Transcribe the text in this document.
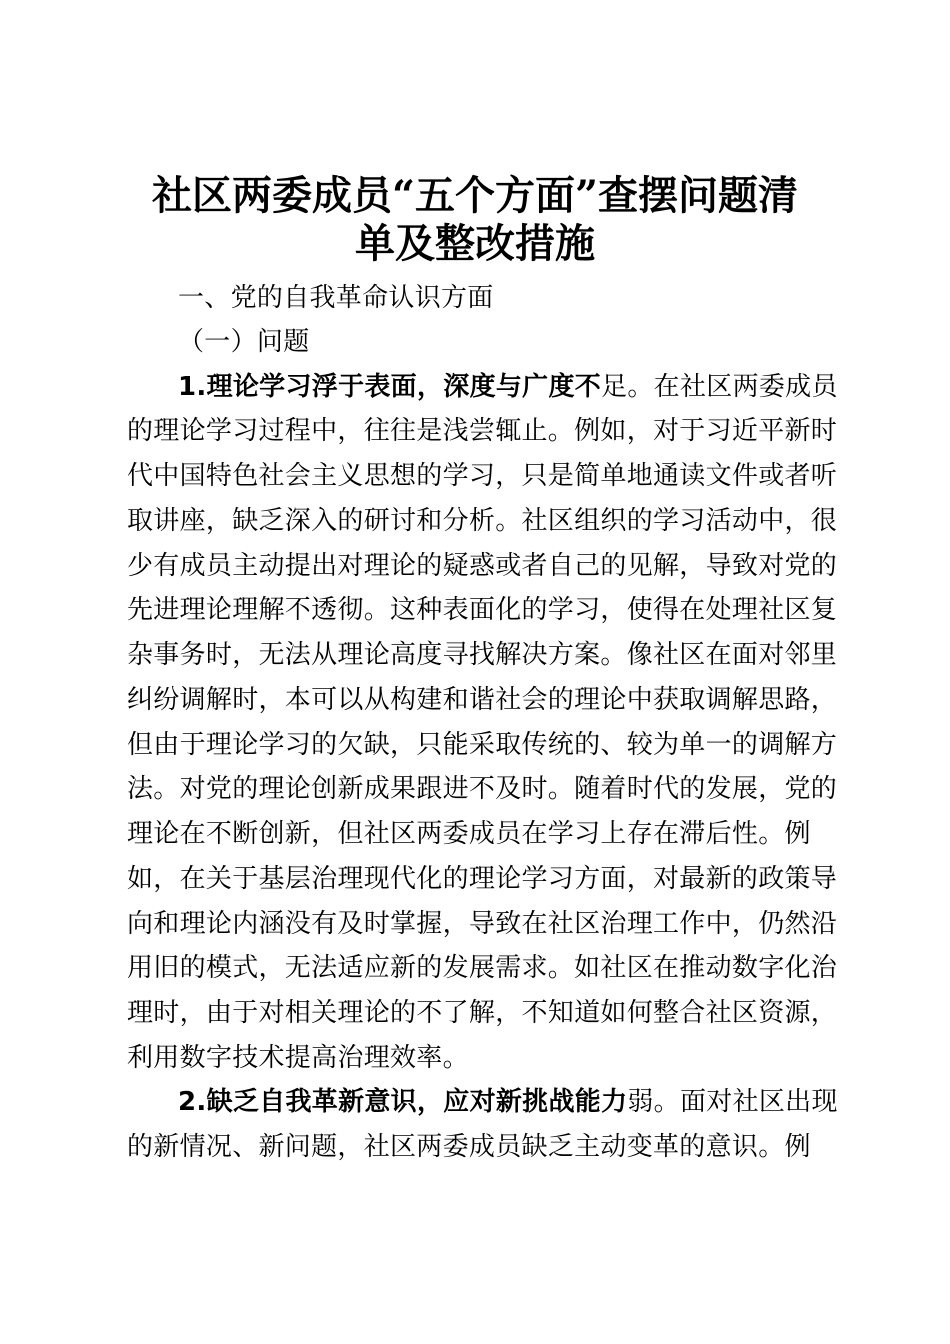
社区两委成员“五个方面”查摆问题清
单及整改措施
一、党的自我革命认识方面
（一）问题
1.理论学习浮于表面，深度与广度不足。在社区两委成员
的理论学习过程中，往往是浅尝辄止。例如，对于习近平新时
代中国特色社会主义思想的学习，只是简单地通读文件或者听
取讲座，缺乏深入的研讨和分析。社区组织的学习活动中，很
少有成员主动提出对理论的疑惑或者自己的见解，导致对党的
先进理论理解不透彻。这种表面化的学习，使得在处理社区复
杂事务时，无法从理论高度寻找解决方案。像社区在面对邻里
纠纷调解时，本可以从构建和谐社会的理论中获取调解思路，
但由于理论学习的欠缺，只能采取传统的、较为单一的调解方
法。对党的理论创新成果跟进不及时。随着时代的发展，党的
理论在不断创新，但社区两委成员在学习上存在滞后性。例
如，在关于基层治理现代化的理论学习方面，对最新的政策导
向和理论内涵没有及时掌握，导致在社区治理工作中，仍然沿
用旧的模式，无法适应新的发展需求。如社区在推动数字化治
理时，由于对相关理论的不了解，不知道如何整合社区资源，
利用数字技术提高治理效率。
2.缺乏自我革新意识，应对新挑战能力弱。面对社区出现
的新情况、新问题，社区两委成员缺乏主动变革的意识。例
